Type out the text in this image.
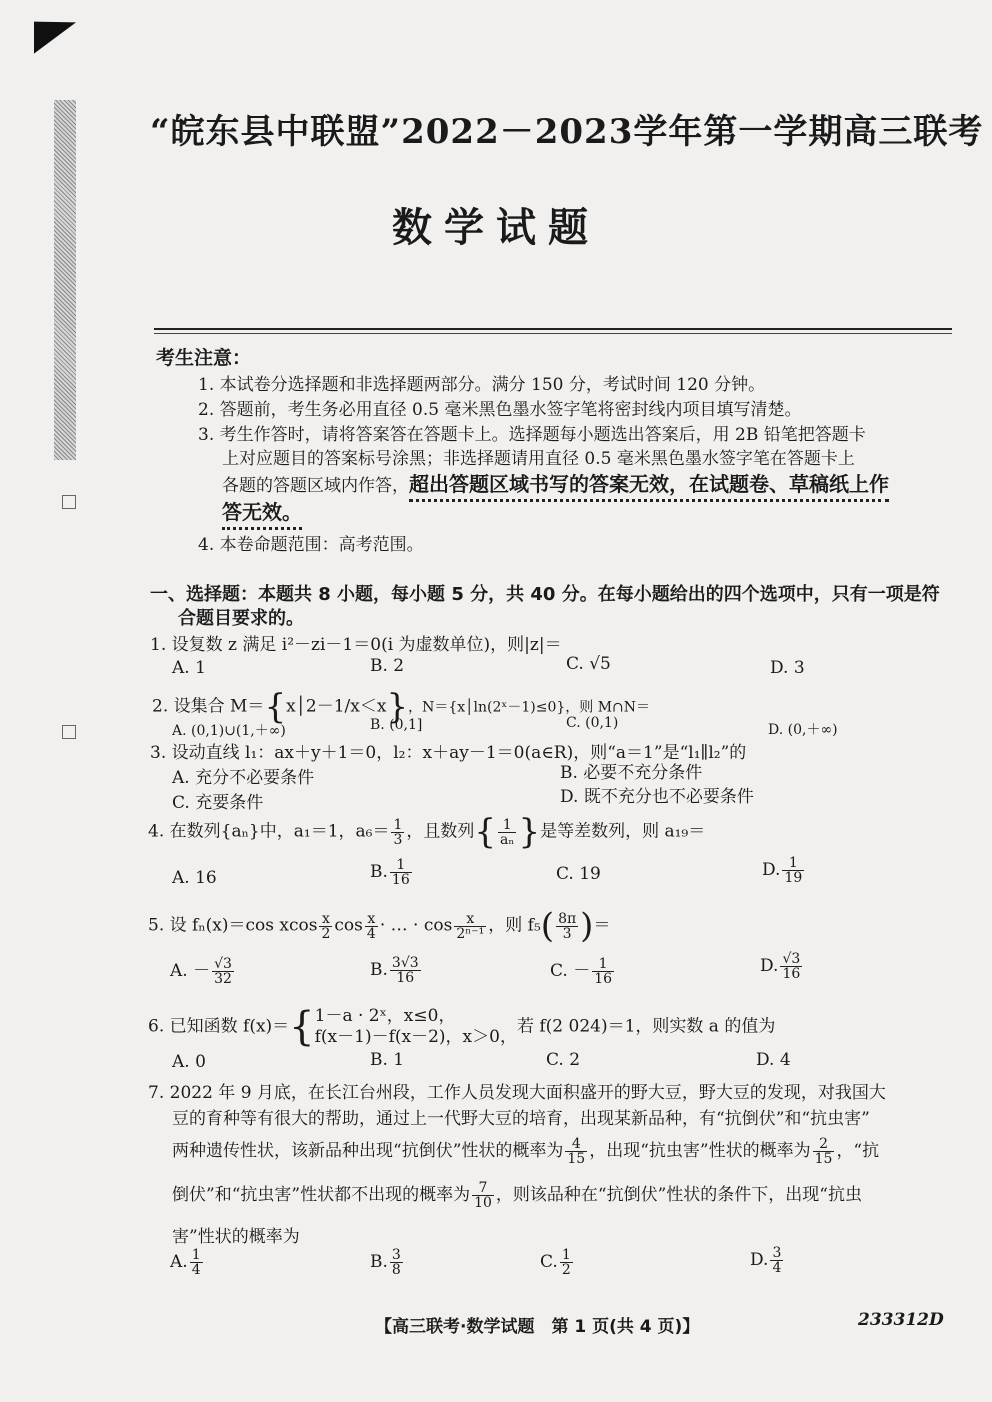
“皖东县中联盟”2022－2023学年第一学期高三联考
数学试题
考生注意：
1. 本试卷分选择题和非选择题两部分。满分 150 分，考试时间 120 分钟。
2. 答题前，考生务必用直径 0.5 毫米黑色墨水签字笔将密封线内项目填写清楚。
3. 考生作答时，请将答案答在答题卡上。选择题每小题选出答案后，用 2B 铅笔把答题卡
上对应题目的答案标号涂黑；非选择题请用直径 0.5 毫米黑色墨水签字笔在答题卡上
各题的答题区域内作答，超出答题区域书写的答案无效，在试题卷、草稿纸上作
答无效。
4. 本卷命题范围：高考范围。
一、选择题：本题共 8 小题，每小题 5 分，共 40 分。在每小题给出的四个选项中，只有一项是符
合题目要求的。
1. 设复数 z 满足 i²－zi－1＝0(i 为虚数单位)，则|z|＝
A. 1	B. 2	C. √5	D. 3
2. 设集合 M＝{x│2－1/x＜x}，N＝{x│ln(2ˣ－1)≤0}，则 M∩N＝
A. (0,1)∪(1,＋∞)	B. (0,1]	C. (0,1)	D. (0,＋∞)
3. 设动直线 l₁：ax＋y＋1＝0，l₂：x＋ay－1＝0(a∈R)，则“a＝1”是“l₁∥l₂”的
A. 充分不必要条件	B. 必要不充分条件
C. 充要条件	D. 既不充分也不必要条件
4. 在数列{aₙ}中，a₁＝1，$a_6= \frac{1}{3}$ ，且数列{ $\frac{1}{\text{aₙ}}$ }是等差数列，则 a₁₉＝
A. 16	B. $\frac{1}{16}$	C. 19	D. $\frac{1}{19}$
5. 设 fₙ(x)＝cos xcos $\frac{x}{2}$ $\cos \frac{x}{4}$ · … · $\cos \frac{x}{\text{2ⁿ⁻¹}}$ ，则 $f_5( \frac{8\pi}{3}$ )＝
A. － $\frac{√3}{32}$	B. $\frac{3√3}{16}$	C. － $\frac{1}{16}$	D. $\frac{√3}{16}$
6. 已知函数 f(x)＝{ 1－a · 2ˣ，x≤0，
f(x－1)－f(x－2)，x＞0，
若 f(2 024)＝1，则实数 a 的值为
A. 0	B. 1	C. 2	D. 4
7. 2022 年 9 月底，在长江台州段，工作人员发现大面积盛开的野大豆，野大豆的发现，对我国大
豆的育种等有很大的帮助，通过上一代野大豆的培育，出现某新品种，有“抗倒伏”和“抗虫害”
两种遗传性状，该新品种出现“抗倒伏”性状的概率为 $\frac{4}{15}$ ，出现“抗虫害”性状的概率为 $\frac{2}{15}$ ，“抗
倒伏”和“抗虫害”性状都不出现的概率为 $\frac{7}{10}$ ，则该品种在“抗倒伏”性状的条件下，出现“抗虫
害”性状的概率为
A. $\frac{1}{4}$	B. $\frac{3}{8}$	C. $\frac{1}{2}$	D. $\frac{3}{4}$
【高三联考·数学试题　第 1 页(共 4 页)】	233312D
